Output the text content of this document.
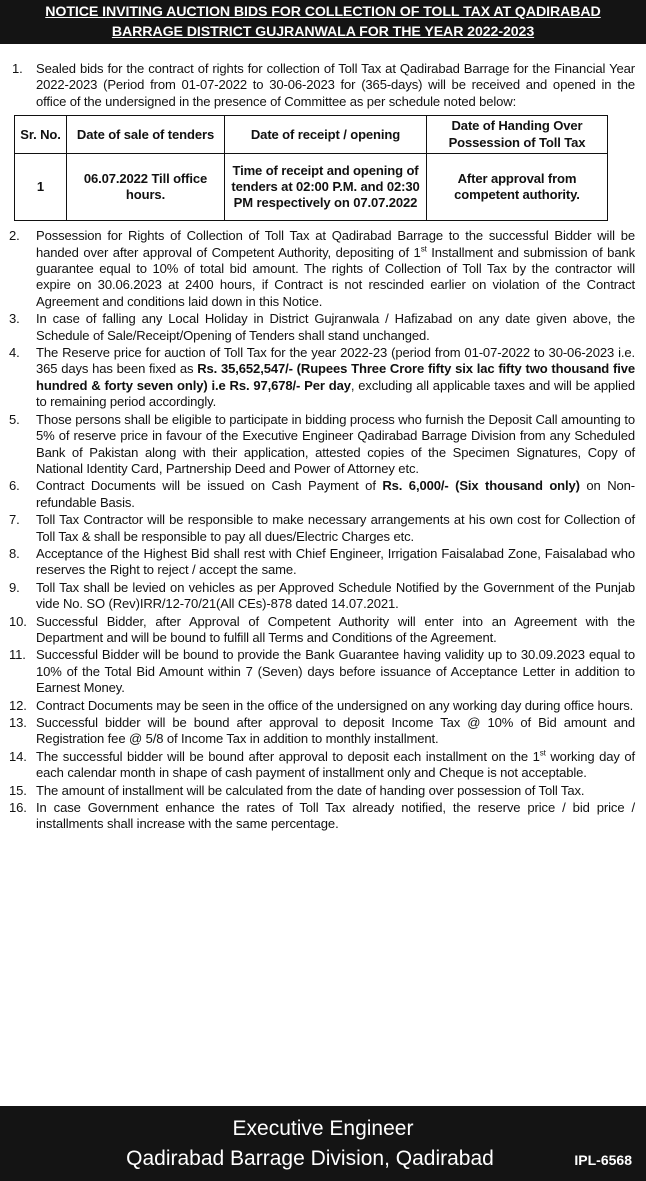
NOTICE INVITING AUCTION BIDS FOR COLLECTION OF TOLL TAX AT QADIRABAD
BARRAGE DISTRICT GUJRANWALA FOR THE YEAR 2022-2023
1. Sealed bids for the contract of rights for collection of Toll Tax at Qadirabad Barrage for the Financial Year 2022-2023 (Period from 01-07-2022 to 30-06-2023 for (365-days) will be received and opened in the office of the undersigned in the presence of Committee as per schedule noted below:
Sr. No.	Date of sale of tenders	Date of receipt / opening	Date of Handing Over Possession of Toll Tax
1	06.07.2022 Till office hours.	Time of receipt and opening of tenders at 02:00 P.M. and 02:30 PM respectively on 07.07.2022	After approval from competent authority.
2. Possession for Rights of Collection of Toll Tax at Qadirabad Barrage to the successful Bidder will be handed over after approval of Competent Authority, depositing of 1st Installment and submission of bank guarantee equal to 10% of total bid amount. The rights of Collection of Toll Tax by the contractor will expire on 30.06.2023 at 2400 hours, if Contract is not rescinded earlier on violation of the Contract Agreement and conditions laid down in this Notice.
3. In case of falling any Local Holiday in District Gujranwala / Hafizabad on any date given above, the Schedule of Sale/Receipt/Opening of Tenders shall stand unchanged.
4. The Reserve price for auction of Toll Tax for the year 2022-23 (period from 01-07-2022 to 30-06-2023 i.e. 365 days has been fixed as Rs. 35,652,547/- (Rupees Three Crore fifty six lac fifty two thousand five hundred & forty seven only) i.e Rs. 97,678/- Per day, excluding all applicable taxes and will be applied to remaining period accordingly.
5. Those persons shall be eligible to participate in bidding process who furnish the Deposit Call amounting to 5% of reserve price in favour of the Executive Engineer Qadirabad Barrage Division from any Scheduled Bank of Pakistan along with their application, attested copies of the Specimen Signatures, Copy of National Identity Card, Partnership Deed and Power of Attorney etc.
6. Contract Documents will be issued on Cash Payment of Rs. 6,000/- (Six thousand only) on Non- refundable Basis.
7. Toll Tax Contractor will be responsible to make necessary arrangements at his own cost for Collection of Toll Tax & shall be responsible to pay all dues/Electric Charges etc.
8. Acceptance of the Highest Bid shall rest with Chief Engineer, Irrigation Faisalabad Zone, Faisalabad who reserves the Right to reject / accept the same.
9. Toll Tax shall be levied on vehicles as per Approved Schedule Notified by the Government of the Punjab vide No. SO (Rev)IRR/12-70/21(All CEs)-878 dated 14.07.2021.
10. Successful Bidder, after Approval of Competent Authority will enter into an Agreement with the Department and will be bound to fulfill all Terms and Conditions of the Agreement.
11. Successful Bidder will be bound to provide the Bank Guarantee having validity up to 30.09.2023 equal to 10% of the Total Bid Amount within 7 (Seven) days before issuance of Acceptance Letter in addition to Earnest Money.
12. Contract Documents may be seen in the office of the undersigned on any working day during office hours.
13. Successful bidder will be bound after approval to deposit Income Tax @ 10% of Bid amount and Registration fee @ 5/8 of Income Tax in addition to monthly installment.
14. The successful bidder will be bound after approval to deposit each installment on the 1st working day of each calendar month in shape of cash payment of installment only and Cheque is not acceptable.
15. The amount of installment will be calculated from the date of handing over possession of Toll Tax.
16. In case Government enhance the rates of Toll Tax already notified, the reserve price / bid price / installments shall increase with the same percentage.
Executive Engineer
Qadirabad Barrage Division, Qadirabad	IPL-6568
